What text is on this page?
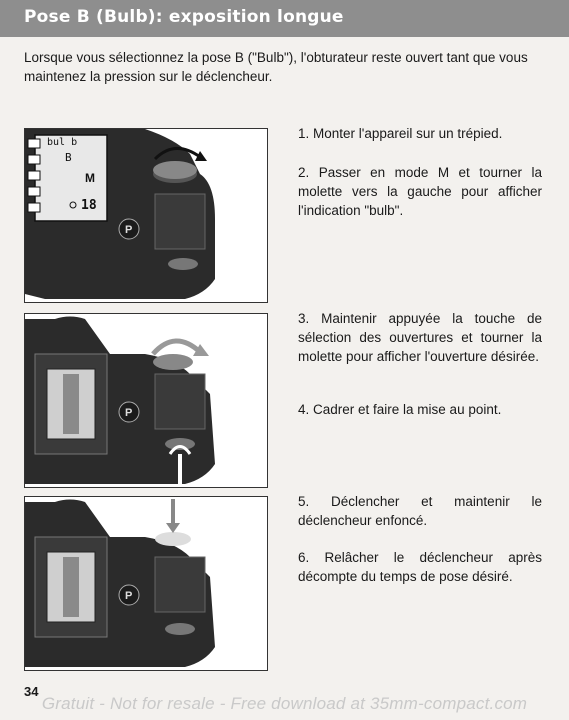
Pose B (Bulb): exposition longue
Lorsque vous sélectionnez la pose B ("Bulb"), l'obturateur reste ouvert tant que vous maintenez la pression sur le déclencheur.
bul b
B
M
18
P
P
P
1. Monter l'appareil sur un trépied.
2. Passer en mode M et tourner la molette vers la gauche pour afficher l'indication "bulb".
3. Maintenir appuyée la touche de sélection des ouvertures et tourner la molette pour afficher l'ouverture désirée.
4. Cadrer et faire la mise au point.
5. Déclencher et maintenir le déclencheur enfoncé.
6. Relâcher le déclencheur après décompte du temps de pose désiré.
34
Gratuit - Not for resale - Free download at 35mm-compact.com
